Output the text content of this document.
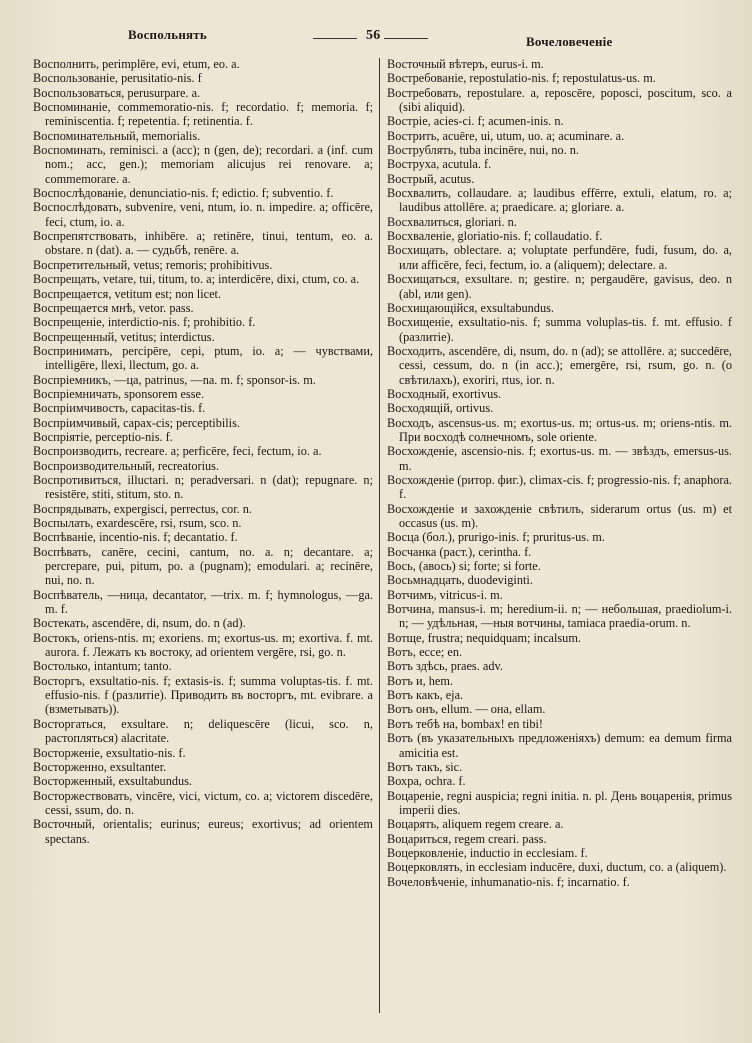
Воспольнять	56	Вочеловеченіе
Восполнить, perimplēre, evi, etum, eo. a.
Воспользованіе, perusitatio-nis. f
Воспользоваться, perusurpare. a.
Воспоминаніе, commemoratio-nis. f; recordatio. f; memoria. f; reminiscentia. f; repetentia. f; retinentia. f.
Воспоминательный, memorialis.
Воспоминать, reminisci. a (acc); n (gen, de); recordari. a (inf. cum nom.; acc, gen.); memoriam alicujus rei renovare. a; commemorare. a.
Воспослѣдованіе, denunciatio-nis. f; edictio. f; subventio. f.
Воспослѣдовать, subvenire, veni, ntum, io. n. impedire. a; officēre, feci, ctum, io. a.
Воспрепятствовать, inhibēre. a; retinēre, tinui, tentum, eo. a. obstare. n (dat). a. — судьбѣ, renēre. a.
Воспретительный, vetus; remoris; prohibitivus.
Воспрещать, vetare, tui, titum, to. a; interdicēre, dixi, ctum, co. a.
Воспрещается, vetitum est; non licet.
Воспрещается мнѣ, vetor. pass.
Воспрещеніе, interdictio-nis. f; prohibitio. f.
Воспрещенный, vetitus; interdictus.
Воспринимать, percipēre, cepi, ptum, io. a; — чувствами, intelligēre, llexi, llectum, go. a.
Воспріемникъ, —ца, patrinus, —na. m. f; sponsor-is. m.
Воспріемничать, sponsorem esse.
Воспріимчивость, capacitas-tis. f.
Воспріимчивый, capax-cis; perceptibilis.
Воспріятіе, perceptio-nis. f.
Воспроизводить, recreare. a; perficēre, feci, fectum, io. a.
Воспроизводительный, recreatorius.
Воспротивиться, illuctari. n; peradversari. n (dat); repugnare. n; resistēre, stiti, stitum, sto. n.
Воспрядывать, expergisci, perrectus, cor. n.
Воспылать, exardescēre, rsi, rsum, sco. n.
Воспѣваніе, incentio-nis. f; decantatio. f.
Воспѣвать, canēre, cecini, cantum, no. a. n; decantare. a; percrepare, pui, pitum, po. a (pugnam); emodulari. a; recinēre, nui, no. n.
Воспѣватель, —ница, decantator, —trix. m. f; hymnologus, —ga. m. f.
Востекать, ascendēre, di, nsum, do. n (ad).
Востокъ, oriens-ntis. m; exoriens. m; exortus-us. m; exortiva. f. mt. aurora. f. Лежать къ востоку, ad orientem vergēre, rsi, go. n.
Востолько, intantum; tanto.
Восторгъ, exsultatio-nis. f; extasis-is. f; summa voluptas-tis. f. mt. effusio-nis. f (разлитіе). Приводить въ восторгъ, mt. evibrare. a (взметывать)).
Восторгаться, exsultare. n; deliquescēre (licui, sco. n, растопляться) alacritate.
Восторженіе, exsultatio-nis. f.
Восторженно, exsultanter.
Восторженный, exsultabundus.
Восторжествовать, vincēre, vici, victum, co. a; victorem discedēre, cessi, ssum, do. n.
Восточный, orientalis; eurinus; eureus; exortivus; ad orientem spectans.
Восточный вѣтеръ, eurus-i. m.
Востребованіе, repostulatio-nis. f; repostulatus-us. m.
Востребовать, repostulare. a, reposcēre, poposci, poscitum, sco. a (sibi aliquid).
Востріе, acies-ci. f; acumen-inis. n.
Вострить, acuēre, ui, utum, uo. a; acuminare. a.
Вострублять, tuba incinēre, nui, no. n.
Воструха, acutula. f.
Вострый, acutus.
Восхвалить, collaudare. a; laudibus effērre, extuli, elatum, ro. a; laudibus attollēre. a; praedicare. a; gloriare. a.
Восхвалиться, gloriari. n.
Восхваленіе, gloriatio-nis. f; collaudatio. f.
Восхищать, oblectare. a; voluptate perfundēre, fudi, fusum, do. a, или afficēre, feci, fectum, io. a (aliquem); delectare. a.
Восхищаться, exsultare. n; gestire. n; pergaudēre, gavisus, deo. n (abl, или gen).
Восхищающійся, exsultabundus.
Восхищеніе, exsultatio-nis. f; summa voluplas-tis. f. mt. effusio. f (разлитіе).
Восходить, ascendēre, di, nsum, do. n (ad); se attollēre. a; succedēre, cessi, cessum, do. n (in acc.); emergēre, rsi, rsum, go. n. (о свѣтилахъ), exoriri, rtus, ior. n.
Восходный, exortivus.
Восходящій, ortivus.
Восходъ, ascensus-us. m; exortus-us. m; ortus-us. m; oriens-ntis. m. При восходѣ солнечномъ, sole oriente.
Восхожденіе, ascensio-nis. f; exortus-us. m. — звѣздъ, emersus-us. m.
Восхожденіе (ритор. фиг.), climax-cis. f; progressio-nis. f; anaphora. f.
Восхожденіе и захожденіе свѣтилъ, siderarum ortus (us. m) et occasus (us. m).
Восца (бол.), prurigo-inis. f; pruritus-us. m.
Восчанка (раст.), cerintha. f.
Вось, (авось) si; forte; si forte.
Восьмнадцать, duodeviginti.
Вотчимъ, vitricus-i. m.
Вотчина, mansus-i. m; heredium-ii. n; — небольшая, praediolum-i. n; — удѣльная, —ныя вотчины, tamiaca praedia-orum. n.
Вотще, frustra; nequidquam; incalsum.
Вотъ, ecce; en.
Вотъ здѣсь, praes. adv.
Вотъ и, hem.
Вотъ какъ, eja.
Вотъ онъ, ellum. — она, ellam.
Вотъ тебѣ на, bombax! en tibi!
Вотъ (въ указательныхъ предложеніяхъ) demum: ea demum firma amicitia est.
Вотъ такъ, sic.
Вохра, ochra. f.
Воцареніе, regni auspicia; regni initia. n. pl. День воцаренія, primus imperii dies.
Воцарять, aliquem regem creare. a.
Воцариться, regem creari. pass.
Воцерковленіе, inductio in ecclesiam. f.
Воцерковлять, in ecclesiam inducēre, duxi, ductum, co. a (aliquem).
Вочеловѣченіе, inhumanatio-nis. f; incarnatio. f.
